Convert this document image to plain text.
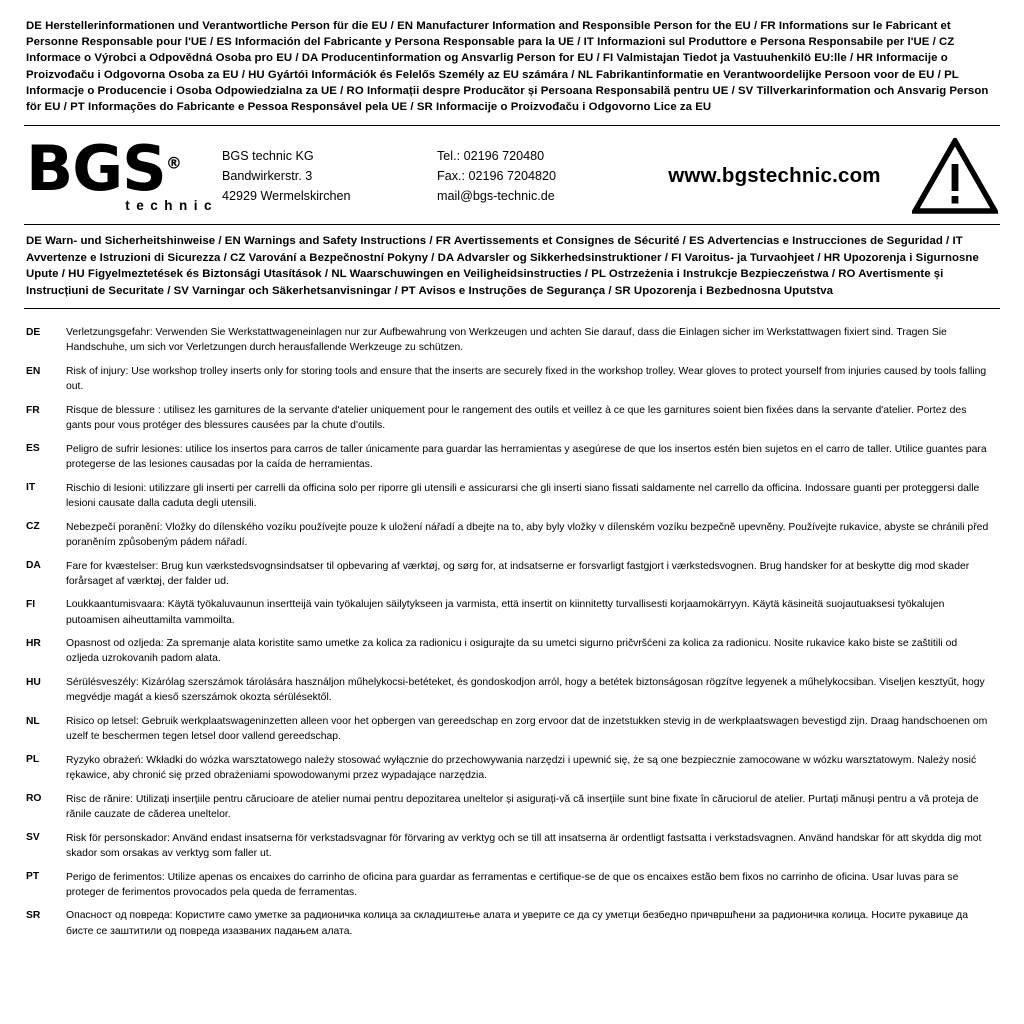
DE Herstellerinformationen und Verantwortliche Person für die EU / EN Manufacturer Information and Responsible Person for the EU / FR Informations sur le Fabricant et Personne Responsable pour l'UE / ES Información del Fabricante y Persona Responsable para la UE / IT Informazioni sul Produttore e Persona Responsabile per l'UE / CZ Informace o Výrobci a Odpovědná Osoba pro EU / DA Producentinformation og Ansvarlig Person for EU / FI Valmistajan Tiedot ja Vastuuhenkilö EU:lle / HR Informacije o Proizvođaču i Odgovorna Osoba za EU / HU Gyártói Információk és Felelős Személy az EU számára / NL Fabrikantinformatie en Verantwoordelijke Persoon voor de EU / PL Informacje o Producencie i Osoba Odpowiedzialna za UE / RO Informații despre Producător și Persoana Responsabilă pentru UE / SV Tillverkarinformation och Ansvarig Person för EU / PT Informações do Fabricante e Pessoa Responsável pela UE / SR Informacije o Proizvođaču i Odgovorno Lice za EU
BGS®
technic
BGS technic KG
Bandwirkerstr. 3
42929 Wermelskirchen
Tel.: 02196 720480
Fax.: 02196 7204820
mail@bgs-technic.de
www.bgstechnic.com
DE Warn- und Sicherheitshinweise / EN Warnings and Safety Instructions / FR Avertissements et Consignes de Sécurité / ES Advertencias e Instrucciones de Seguridad / IT Avvertenze e Istruzioni di Sicurezza / CZ Varování a Bezpečnostní Pokyny / DA Advarsler og Sikkerhedsinstruktioner / FI Varoitus- ja Turvaohjeet / HR Upozorenja i Sigurnosne Upute / HU Figyelmeztetések és Biztonsági Utasítások / NL Waarschuwingen en Veiligheidsinstructies / PL Ostrzeżenia i Instrukcje Bezpieczeństwa / RO Avertismente și Instrucțiuni de Securitate / SV Varningar och Säkerhetsanvisningar / PT Avisos e Instruções de Segurança / SR Upozorenja i Bezbednosna Uputstva
DE	Verletzungsgefahr: Verwenden Sie Werkstattwageneinlagen nur zur Aufbewahrung von Werkzeugen und achten Sie darauf, dass die Einlagen sicher im Werkstattwagen fixiert sind. Tragen Sie Handschuhe, um sich vor Verletzungen durch herausfallende Werkzeuge zu schützen.
EN	Risk of injury: Use workshop trolley inserts only for storing tools and ensure that the inserts are securely fixed in the workshop trolley. Wear gloves to protect yourself from injuries caused by tools falling out.
FR	Risque de blessure : utilisez les garnitures de la servante d'atelier uniquement pour le rangement des outils et veillez à ce que les garnitures soient bien fixées dans la servante d'atelier. Portez des gants pour vous protéger des blessures causées par la chute d'outils.
ES	Peligro de sufrir lesiones: utilice los insertos para carros de taller únicamente para guardar las herramientas y asegúrese de que los insertos estén bien sujetos en el carro de taller. Utilice guantes para protegerse de las lesiones causadas por la caída de herramientas.
IT	Rischio di lesioni: utilizzare gli inserti per carrelli da officina solo per riporre gli utensili e assicurarsi che gli inserti siano fissati saldamente nel carrello da officina. Indossare guanti per proteggersi dalle lesioni causate dalla caduta degli utensili.
CZ	Nebezpečí poranění: Vložky do dílenského vozíku používejte pouze k uložení nářadí a dbejte na to, aby byly vložky v dílenském vozíku bezpečně upevněny. Používejte rukavice, abyste se chránili před poraněním způsobeným pádem nářadí.
DA	Fare for kvæstelser: Brug kun værkstedsvognsindsatser til opbevaring af værktøj, og sørg for, at indsatserne er forsvarligt fastgjort i værkstedsvognen. Brug handsker for at beskytte dig mod skader forårsaget af værktøj, der falder ud.
FI	Loukkaantumisvaara: Käytä työkaluvaunun insertteijä vain työkalujen säilytykseen ja varmista, että insertit on kiinnitetty turvallisesti korjaamokärryyn. Käytä käsineitä suojautuaksesi työkalujen putoamisen aiheuttamilta vammoilta.
HR	Opasnost od ozljeda: Za spremanje alata koristite samo umetke za kolica za radionicu i osigurajte da su umetci sigurno pričvršćeni za kolica za radionicu. Nosite rukavice kako biste se zaštitili od ozljeda uzrokovanih padom alata.
HU	Sérülésveszély: Kizárólag szerszámok tárolására használjon műhelykocsi-betéteket, és gondoskodjon arról, hogy a betétek biztonságosan rögzítve legyenek a műhelykocsiban. Viseljen kesztyűt, hogy megvédje magát a kieső szerszámok okozta sérülésektől.
NL	Risico op letsel: Gebruik werkplaatswageninzetten alleen voor het opbergen van gereedschap en zorg ervoor dat de inzetstukken stevig in de werkplaatswagen bevestigd zijn. Draag handschoenen om uzelf te beschermen tegen letsel door vallend gereedschap.
PL	Ryzyko obrażeń: Wkładki do wózka warsztatowego należy stosować wyłącznie do przechowywania narzędzi i upewnić się, że są one bezpiecznie zamocowane w wózku warsztatowym. Należy nosić rękawice, aby chronić się przed obrażeniami spowodowanymi przez wypadające narzędzia.
RO	Risc de rănire: Utilizați inserțiile pentru cărucioare de atelier numai pentru depozitarea uneltelor și asigurați-vă că inserțiile sunt bine fixate în căruciorul de atelier. Purtați mănuși pentru a vă proteja de rănile cauzate de căderea uneltelor.
SV	Risk för personskador: Använd endast insatserna för verkstadsvagnar för förvaring av verktyg och se till att insatserna är ordentligt fastsatta i verkstadsvagnen. Använd handskar för att skydda dig mot skador som orsakas av verktyg som faller ut.
PT	Perigo de ferimentos: Utilize apenas os encaixes do carrinho de oficina para guardar as ferramentas e certifique-se de que os encaixes estão bem fixos no carrinho de oficina. Usar luvas para se proteger de ferimentos provocados pela queda de ferramentas.
SR	Опасност од повреда: Користите само уметке за радионичка колица за складиштење алата и уверите се да су уметци безбедно причвршћени за радионичка колица. Носите рукавице да бисте се заштитили од повреда изазваних падањем алата.
